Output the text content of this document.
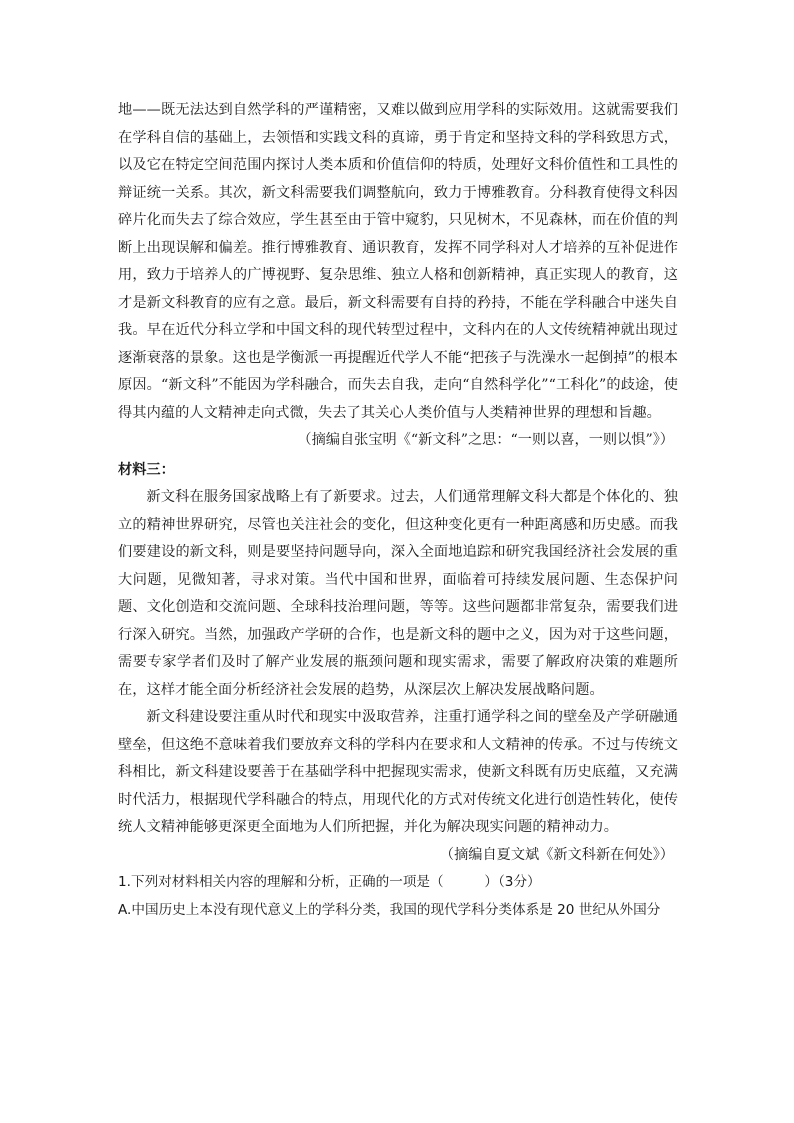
地——既无法达到自然学科的严谨精密，又难以做到应用学科的实际效用。这就需要我们在学科自信的基础上，去领悟和实践文科的真谛，勇于肯定和坚持文科的学科致思方式，以及它在特定空间范围内探讨人类本质和价值信仰的特质，处理好文科价值性和工具性的辩证统一关系。其次，新文科需要我们调整航向，致力于博雅教育。分科教育使得文科因碎片化而失去了综合效应，学生甚至由于管中窥豹，只见树木，不见森林，而在价值的判断上出现误解和偏差。推行博雅教育、通识教育，发挥不同学科对人才培养的互补促进作用，致力于培养人的广博视野、复杂思维、独立人格和创新精神，真正实现人的教育，这才是新文科教育的应有之意。最后，新文科需要有自持的矜持，不能在学科融合中迷失自我。早在近代分科立学和中国文科的现代转型过程中，文科内在的人文传统精神就出现过逐渐衰落的景象。这也是学衡派一再提醒近代学人不能“把孩子与洗澡水一起倒掉”的根本原因。“新文科”不能因为学科融合，而失去自我，走向“自然科学化”“工科化”的歧途，使得其内蕴的人文精神走向式微，失去了其关心人类价值与人类精神世界的理想和旨趣。

（摘编自张宝明《“新文科”之思：“一则以喜，一则以惧”》）

材料三：

新文科在服务国家战略上有了新要求。过去，人们通常理解文科大都是个体化的、独立的精神世界研究，尽管也关注社会的变化，但这种变化更有一种距离感和历史感。而我们要建设的新文科，则是要坚持问题导向，深入全面地追踪和研究我国经济社会发展的重大问题，见微知著，寻求对策。当代中国和世界，面临着可持续发展问题、生态保护问题、文化创造和交流问题、全球科技治理问题，等等。这些问题都非常复杂，需要我们进行深入研究。当然，加强政产学研的合作，也是新文科的题中之义，因为对于这些问题，需要专家学者们及时了解产业发展的瓶颈问题和现实需求，需要了解政府决策的难题所在，这样才能全面分析经济社会发展的趋势，从深层次上解决发展战略问题。

新文科建设要注重从时代和现实中汲取营养，注重打通学科之间的壁垒及产学研融通壁垒，但这绝不意味着我们要放弃文科的学科内在要求和人文精神的传承。不过与传统文科相比，新文科建设要善于在基础学科中把握现实需求，使新文科既有历史底蕴，又充满时代活力，根据现代学科融合的特点，用现代化的方式对传统文化进行创造性转化，使传统人文精神能够更深更全面地为人们所把握，并化为解决现实问题的精神动力。

（摘编自夏文斌《新文科新在何处》）

1.下列对材料相关内容的理解和分析，正确的一项是（　　　）（3分）

A.中国历史上本没有现代意义上的学科分类，我国的现代学科分类体系是 20 世纪从外国分
